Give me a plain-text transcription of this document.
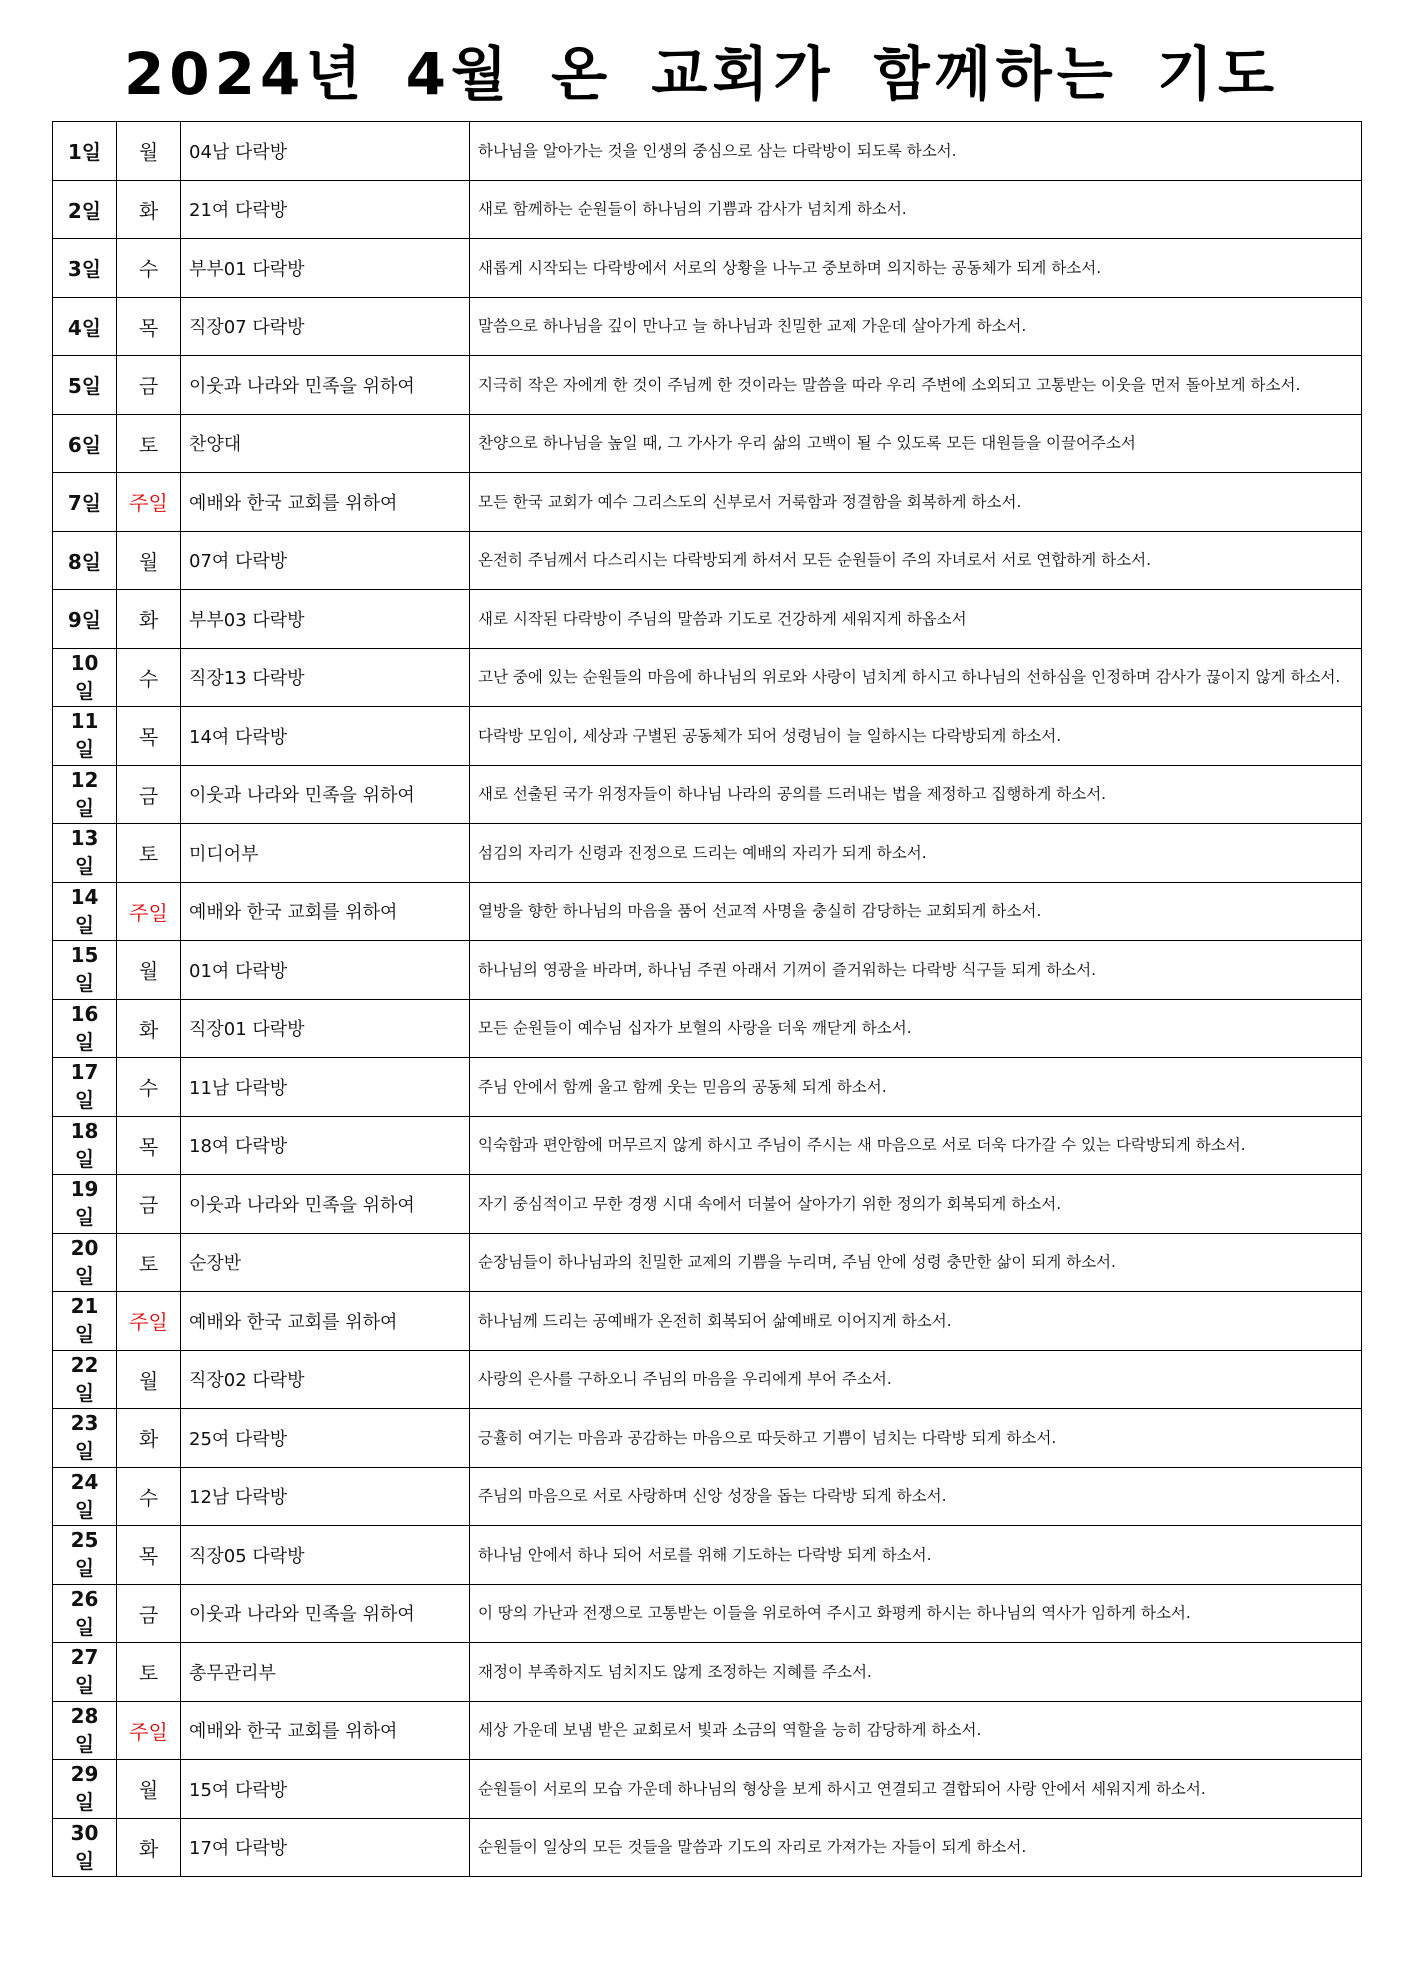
2024년 4월 온 교회가 함께하는 기도
1일	월	04남 다락방	하나님을 알아가는 것을 인생의 중심으로 삼는 다락방이 되도록 하소서.
2일	화	21여 다락방	새로 함께하는 순원들이 하나님의 기쁨과 감사가 넘치게 하소서.
3일	수	부부01 다락방	새롭게 시작되는 다락방에서 서로의 상황을 나누고 중보하며 의지하는 공동체가 되게 하소서.
4일	목	직장07 다락방	말씀으로 하나님을 깊이 만나고 늘 하나님과 친밀한 교제 가운데 살아가게 하소서.
5일	금	이웃과 나라와 민족을 위하여	지극히 작은 자에게 한 것이 주님께 한 것이라는 말씀을 따라 우리 주변에 소외되고 고통받는 이웃을 먼저 돌아보게 하소서.
6일	토	찬양대	찬양으로 하나님을 높일 때, 그 가사가 우리 삶의 고백이 될 수 있도록 모든 대원들을 이끌어주소서
7일	주일	예배와 한국 교회를 위하여	모든 한국 교회가 예수 그리스도의 신부로서 거룩함과 정결함을 회복하게 하소서.
8일	월	07여 다락방	온전히 주님께서 다스리시는 다락방되게 하셔서 모든 순원들이 주의 자녀로서 서로 연합하게 하소서.
9일	화	부부03 다락방	새로 시작된 다락방이 주님의 말씀과 기도로 건강하게 세워지게 하옵소서
10일	수	직장13 다락방	고난 중에 있는 순원들의 마음에 하나님의 위로와 사랑이 넘치게 하시고 하나님의 선하심을 인정하며 감사가 끊이지 않게 하소서.
11일	목	14여 다락방	다락방 모임이, 세상과 구별된 공동체가 되어 성령님이 늘 일하시는 다락방되게 하소서.
12일	금	이웃과 나라와 민족을 위하여	새로 선출된 국가 위정자들이 하나님 나라의 공의를 드러내는 법을 제정하고 집행하게 하소서.
13일	토	미디어부	섬김의 자리가 신령과 진정으로 드리는 예배의 자리가 되게 하소서.
14일	주일	예배와 한국 교회를 위하여	열방을 향한 하나님의 마음을 품어 선교적 사명을 충실히 감당하는 교회되게 하소서.
15일	월	01여 다락방	하나님의 영광을 바라며, 하나님 주권 아래서 기꺼이 즐거워하는 다락방 식구들 되게 하소서.
16일	화	직장01 다락방	모든 순원들이 예수님 십자가 보혈의 사랑을 더욱 깨닫게 하소서.
17일	수	11남 다락방	주님 안에서 함께 울고 함께 웃는 믿음의 공동체 되게 하소서.
18일	목	18여 다락방	익숙함과 편안함에 머무르지 않게 하시고 주님이 주시는 새 마음으로 서로 더욱 다가갈 수 있는 다락방되게 하소서.
19일	금	이웃과 나라와 민족을 위하여	자기 중심적이고 무한 경쟁 시대 속에서 더불어 살아가기 위한 정의가 회복되게 하소서.
20일	토	순장반	순장님들이 하나님과의 친밀한 교제의 기쁨을 누리며, 주님 안에 성령 충만한 삶이 되게 하소서.
21일	주일	예배와 한국 교회를 위하여	하나님께 드리는 공예배가 온전히 회복되어 삶예배로 이어지게 하소서.
22일	월	직장02 다락방	사랑의 은사를 구하오니 주님의 마음을 우리에게 부어 주소서.
23일	화	25여 다락방	긍휼히 여기는 마음과 공감하는 마음으로 따듯하고 기쁨이 넘치는 다락방 되게 하소서.
24일	수	12남 다락방	주님의 마음으로 서로 사랑하며 신앙 성장을 돕는 다락방 되게 하소서.
25일	목	직장05 다락방	하나님 안에서 하나 되어 서로를 위해 기도하는 다락방 되게 하소서.
26일	금	이웃과 나라와 민족을 위하여	이 땅의 가난과 전쟁으로 고통받는 이들을 위로하여 주시고 화평케 하시는 하나님의 역사가 임하게 하소서.
27일	토	총무관리부	재정이 부족하지도 넘치지도 않게 조정하는 지혜를 주소서.
28일	주일	예배와 한국 교회를 위하여	세상 가운데 보냄 받은 교회로서 빛과 소금의 역할을 능히 감당하게 하소서.
29일	월	15여 다락방	순원들이 서로의 모습 가운데 하나님의 형상을 보게 하시고 연결되고 결합되어 사랑 안에서 세워지게 하소서.
30일	화	17여 다락방	순원들이 일상의 모든 것들을 말씀과 기도의 자리로 가져가는 자들이 되게 하소서.
